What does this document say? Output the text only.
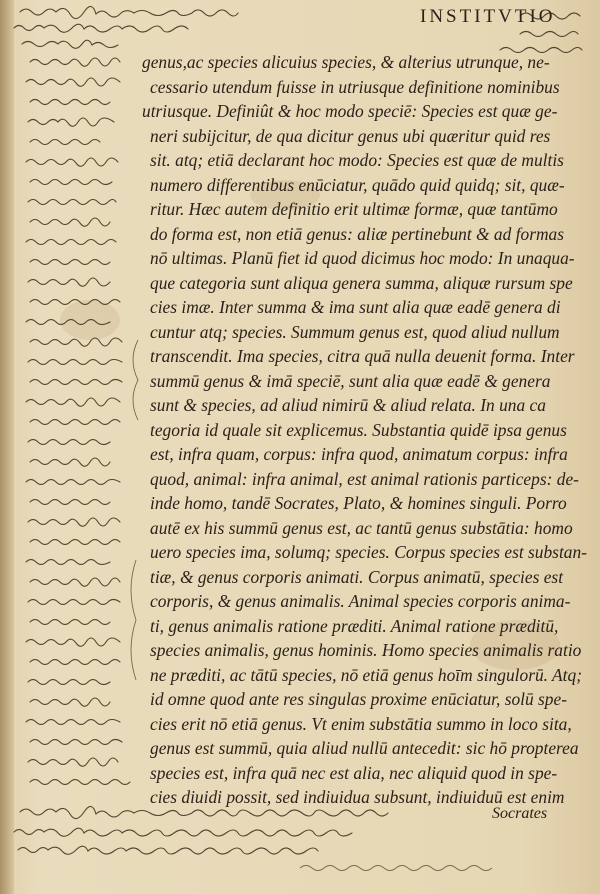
INSTITVTIO
genus,ac species alicuius species, & alterius utrunque, ne-
cessario utendum fuisse in utriusque definitione nominibus
utriusque. Definiût & hoc modo speciē: Species est quæ ge-
neri subijcitur, de qua dicitur genus ubi quæritur quid res
sit. atq; etiā declarant hoc modo: Species est quæ de multis
numero differentibus enūciatur, quādo quid quidq; sit, quæ-
ritur. Hæc autem definitio erit ultimæ formæ, quæ tantūmo
do forma est, non etiā genus: aliæ pertinebunt & ad formas
nō ultimas. Planū fiet id quod dicimus hoc modo: In unaqua-
que categoria sunt aliqua genera summa, aliquæ rursum spe
cies imæ. Inter summa & ima sunt alia quæ eadē genera di
cuntur atq; species. Summum genus est, quod aliud nullum
transcendit. Ima species, citra quā nulla deuenit forma. Inter
summū genus & imā speciē, sunt alia quæ eadē & genera
sunt & species, ad aliud nimirū & aliud relata. In una ca
tegoria id quale sit explicemus. Substantia quidē ipsa genus
est, infra quam, corpus: infra quod, animatum corpus: infra
quod, animal: infra animal, est animal rationis particeps: de-
inde homo, tandē Socrates, Plato, & homines singuli. Porro
autē ex his summū genus est, ac tantū genus substātia: homo
uero species ima, solumq; species. Corpus species est substan-
tiæ, & genus corporis animati. Corpus animatū, species est
corporis, & genus animalis. Animal species corporis anima-
ti, genus animalis ratione præditi. Animal ratione præditū,
species animalis, genus hominis. Homo species animalis ratio
ne præditi, ac tātū species, nō etiā genus hoīm singulorū. Atq;
id omne quod ante res singulas proxime enūciatur, solū spe-
cies erit nō etiā genus. Vt enim substātia summo in loco sita,
genus est summū, quia aliud nullū antecedit: sic hō propterea
species est, infra quā nec est alia, nec aliquid quod in spe-
cies diuidi possit, sed indiuidua subsunt, indiuiduū est enim
Socrates
